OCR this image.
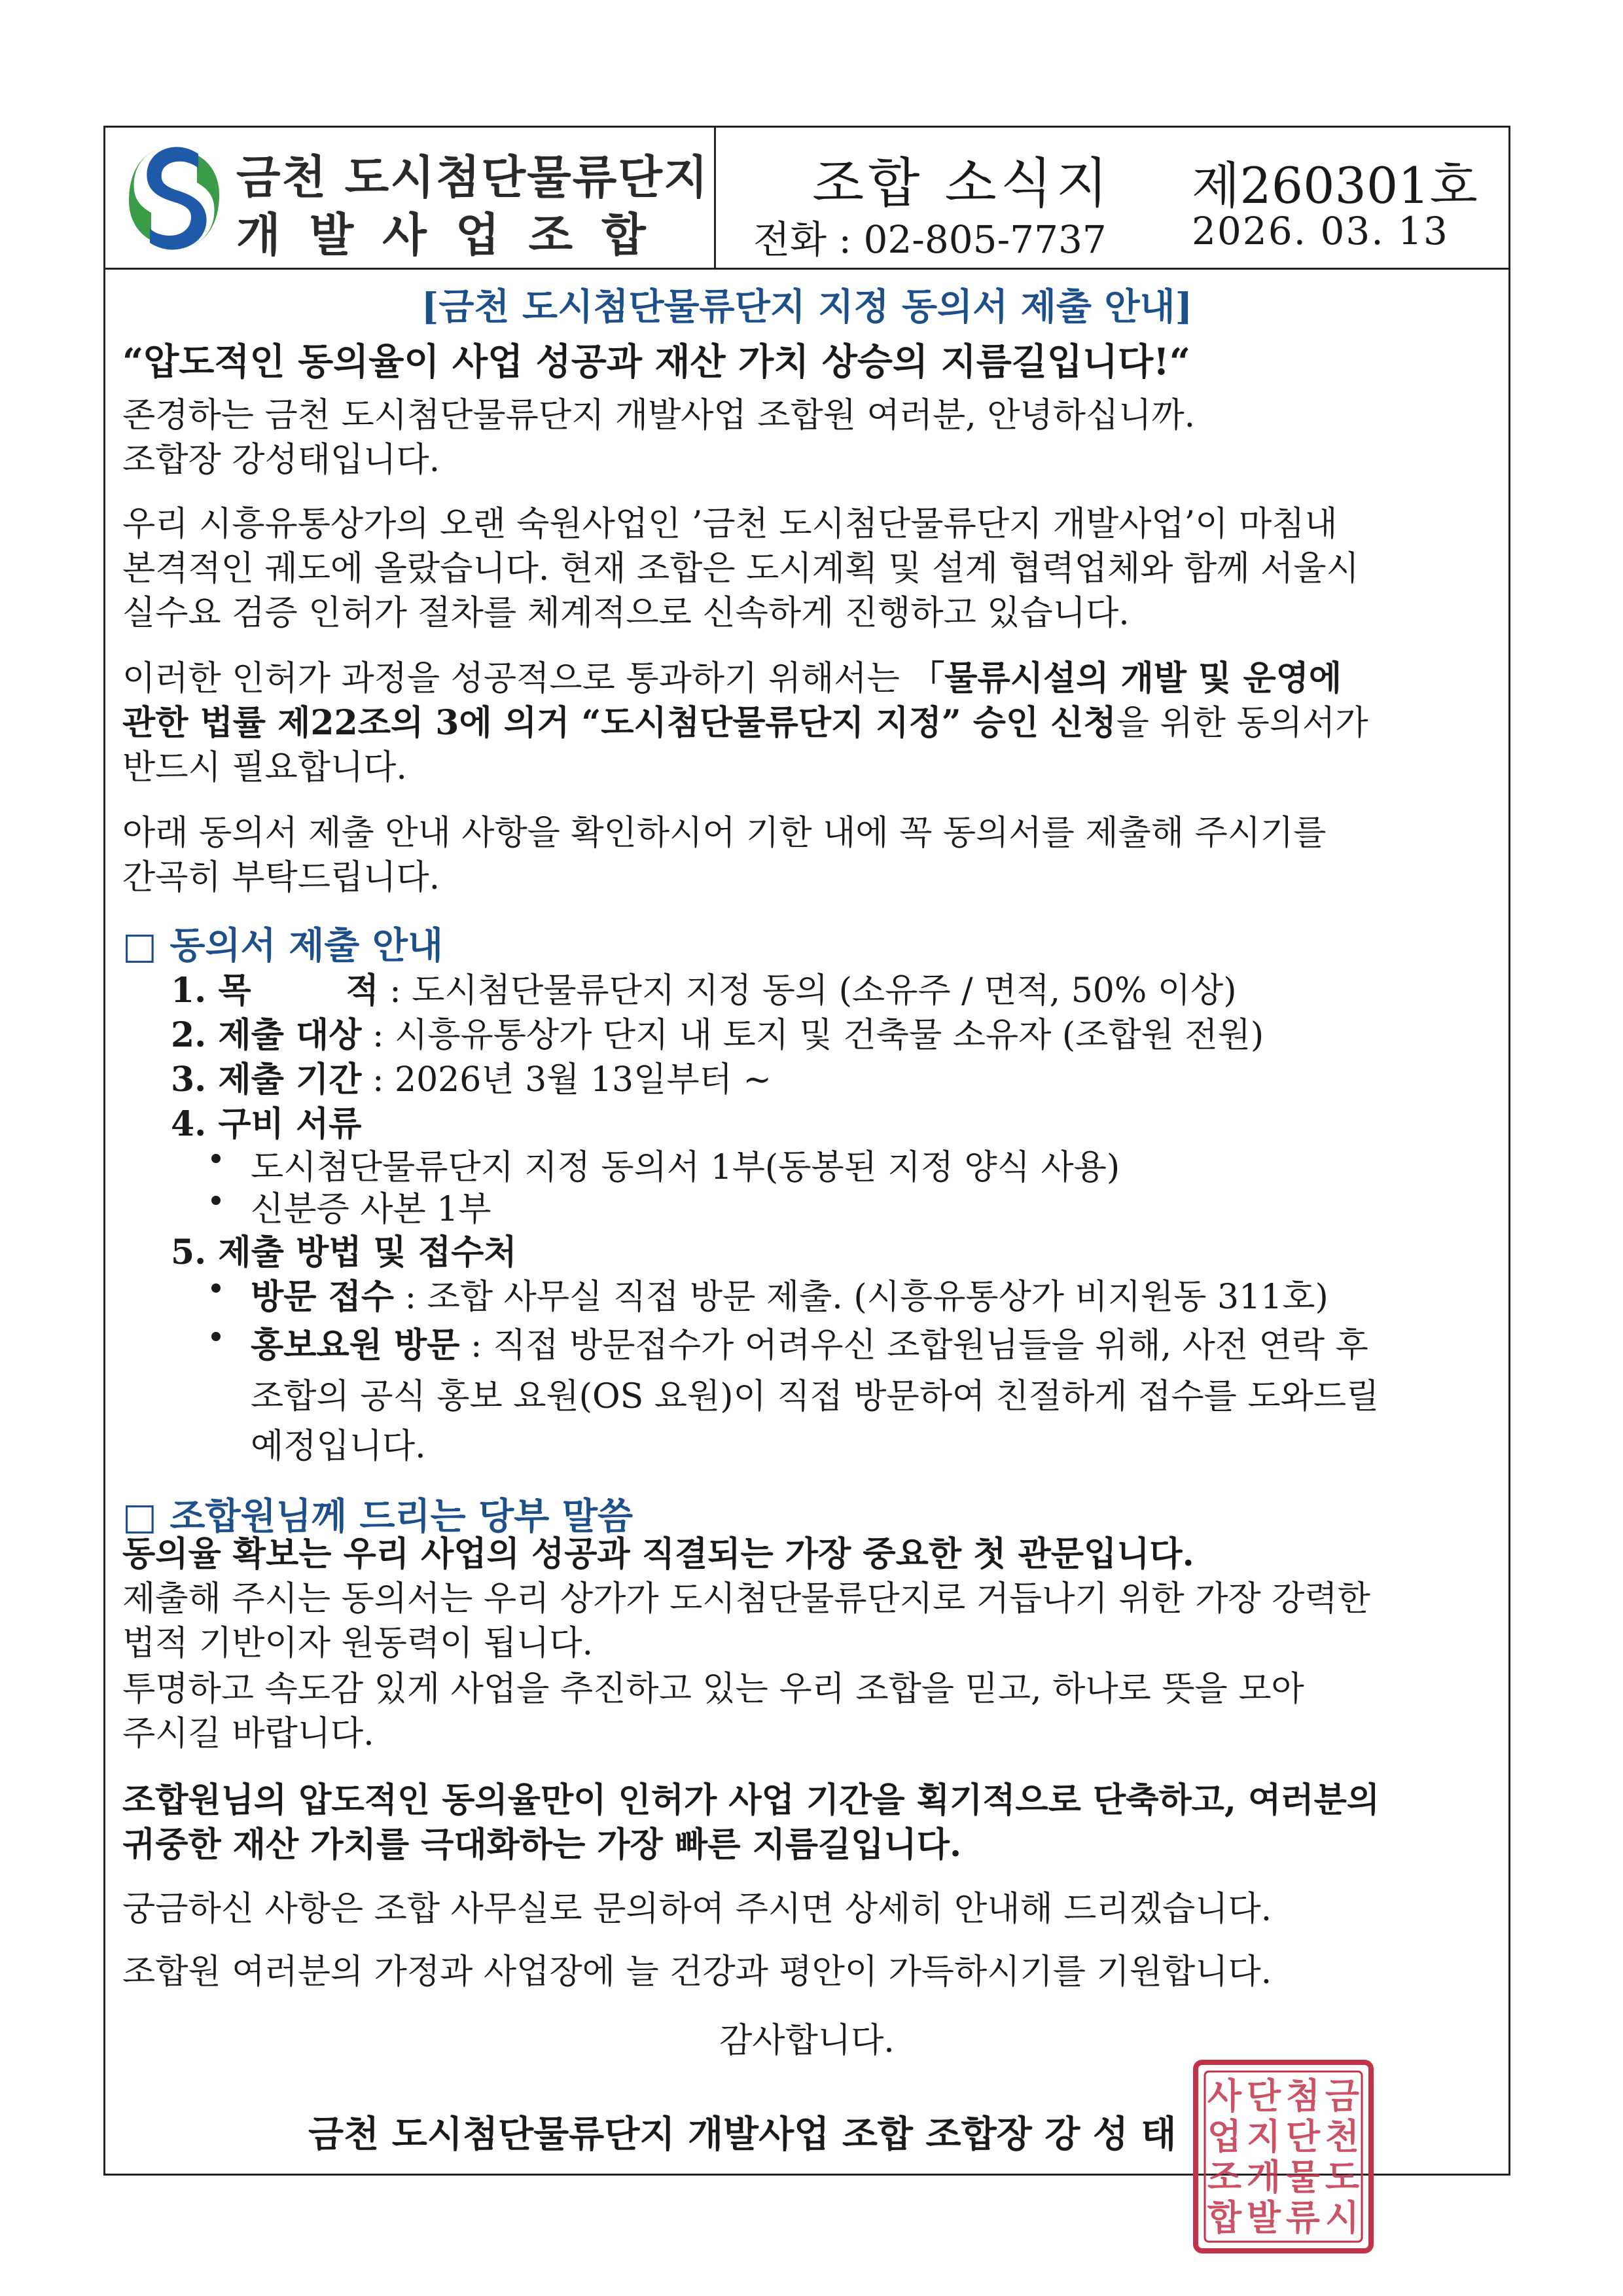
금천 도시첨단물류단지
개발사업조합
조합 소식지 제260301호
전화 : 02-805-7737 2026. 03. 13
[금천 도시첨단물류단지 지정 동의서 제출 안내]
“압도적인 동의율이 사업 성공과 재산 가치 상승의 지름길입니다!“
존경하는 금천 도시첨단물류단지 개발사업 조합원 여러분, 안녕하십니까.
조합장 강성태입니다.
우리 시흥유통상가의 오랜 숙원사업인 ’금천 도시첨단물류단지 개발사업’이 마침내
본격적인 궤도에 올랐습니다. 현재 조합은 도시계획 및 설계 협력업체와 함께 서울시
실수요 검증 인허가 절차를 체계적으로 신속하게 진행하고 있습니다.
이러한 인허가 과정을 성공적으로 통과하기 위해서는 「물류시설의 개발 및 운영에
관한 법률 제22조의 3에 의거 “도시첨단물류단지 지정” 승인 신청을 위한 동의서가
반드시 필요합니다.
아래 동의서 제출 안내 사항을 확인하시어 기한 내에 꼭 동의서를 제출해 주시기를
간곡히 부탁드립니다.
□ 동의서 제출 안내
1. 목        적 : 도시첨단물류단지 지정 동의 (소유주 / 면적, 50% 이상)
2. 제출 대상 : 시흥유통상가 단지 내 토지 및 건축물 소유자 (조합원 전원)
3. 제출 기간 : 2026년 3월 13일부터 ~
4. 구비 서류
도시첨단물류단지 지정 동의서 1부(동봉된 지정 양식 사용)
신분증 사본 1부
5. 제출 방법 및 접수처
방문 접수 : 조합 사무실 직접 방문 제출. (시흥유통상가 비지원동 311호)
홍보요원 방문 : 직접 방문접수가 어려우신 조합원님들을 위해, 사전 연락 후
조합의 공식 홍보 요원(OS 요원)이 직접 방문하여 친절하게 접수를 도와드릴
예정입니다.
□ 조합원님께 드리는 당부 말씀
동의율 확보는 우리 사업의 성공과 직결되는 가장 중요한 첫 관문입니다.
제출해 주시는 동의서는 우리 상가가 도시첨단물류단지로 거듭나기 위한 가장 강력한
법적 기반이자 원동력이 됩니다.
투명하고 속도감 있게 사업을 추진하고 있는 우리 조합을 믿고, 하나로 뜻을 모아
주시길 바랍니다.
조합원님의 압도적인 동의율만이 인허가 사업 기간을 획기적으로 단축하고, 여러분의
귀중한 재산 가치를 극대화하는 가장 빠른 지름길입니다.
궁금하신 사항은 조합 사무실로 문의하여 주시면 상세히 안내해 드리겠습니다.
조합원 여러분의 가정과 사업장에 늘 건강과 평안이 가득하시기를 기원합니다.
감사합니다.
금천 도시첨단물류단지 개발사업 조합 조합장 강 성 태
금
천
도
시
첨
단
물
류
단
지
개
발
사
업
조
합
